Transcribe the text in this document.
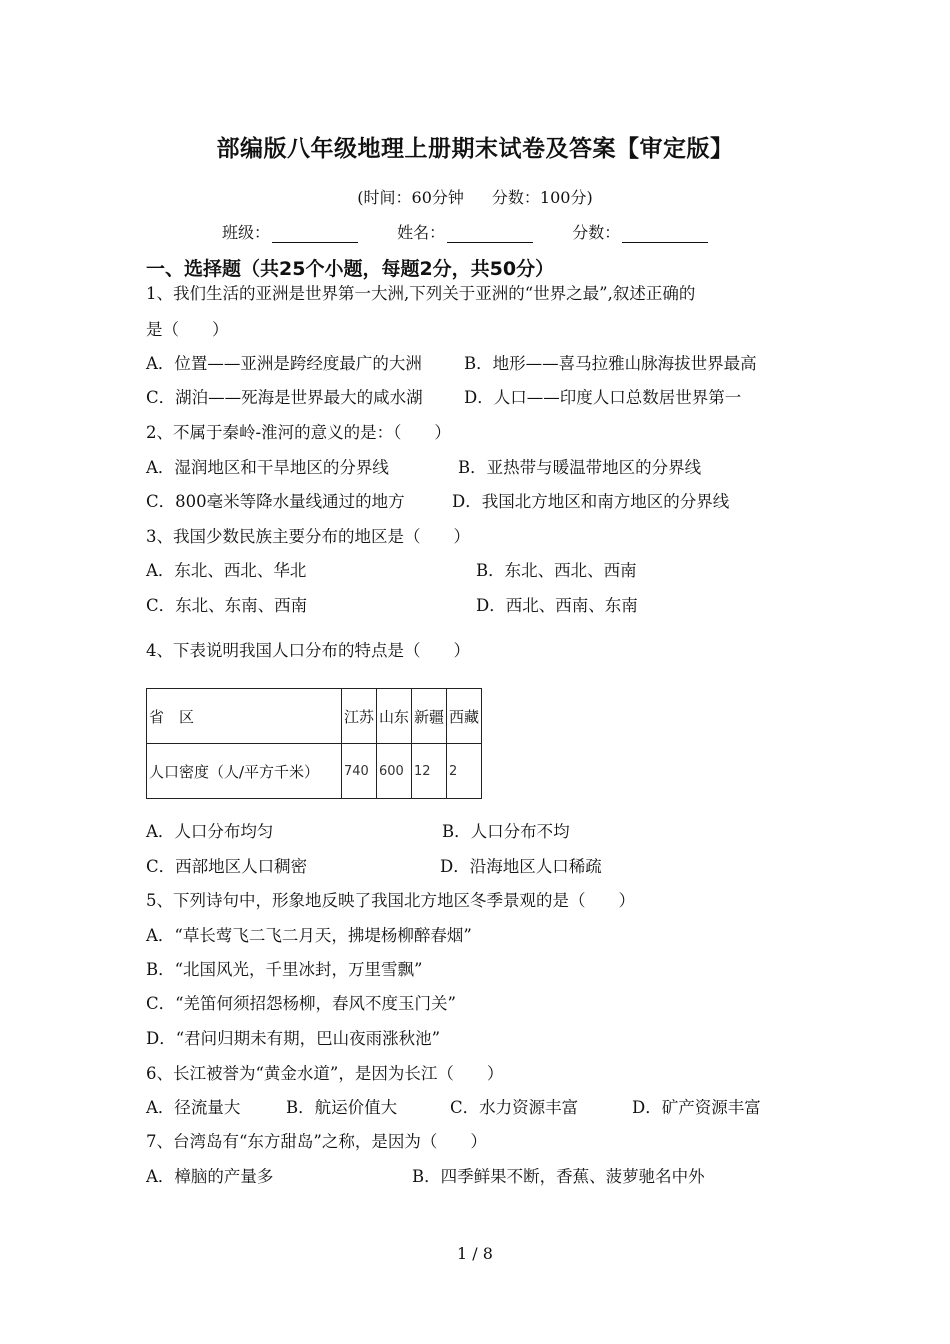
部编版八年级地理上册期末试卷及答案【审定版】
(时间：60分钟 分数：100分)
班级：	姓名：	分数：
一、选择题（共25个小题，每题2分，共50分）
1、我们生活的亚洲是世界第一大洲,下列关于亚洲的“世界之最”,叙述正确的
是（　　）
A．位置——亚洲是跨经度最广的大洲	B．地形——喜马拉雅山脉海拔世界最高
C．湖泊——死海是世界最大的咸水湖	D．人口——印度人口总数居世界第一
2、不属于秦岭-淮河的意义的是：（　　）
A．湿润地区和干旱地区的分界线	B．亚热带与暖温带地区的分界线
C．800毫米等降水量线通过的地方	D．我国北方地区和南方地区的分界线
3、我国少数民族主要分布的地区是（　　）
A．东北、西北、华北	B．东北、西北、西南
C．东北、东南、西南	D．西北、西南、东南
4、下表说明我国人口分布的特点是（　　）
省　区	江苏	山东	新疆	西藏
人口密度（人/平方千米）	740	600	12	2
A．人口分布均匀	B．人口分布不均
C．西部地区人口稠密	D．沿海地区人口稀疏
5、下列诗句中，形象地反映了我国北方地区冬季景观的是（　　）
A．“草长莺飞二飞二月天，拂堤杨柳醉春烟”
B．“北国风光，千里冰封，万里雪飘”
C．“羌笛何须招怨杨柳，春风不度玉门关”
D．“君问归期未有期，巴山夜雨涨秋池”
6、长江被誉为“黄金水道”，是因为长江（　　）
A．径流量大	B．航运价值大	C．水力资源丰富	D．矿产资源丰富
7、台湾岛有“东方甜岛”之称，是因为（　　）
A．樟脑的产量多	B．四季鲜果不断，香蕉、菠萝驰名中外
1 / 8
